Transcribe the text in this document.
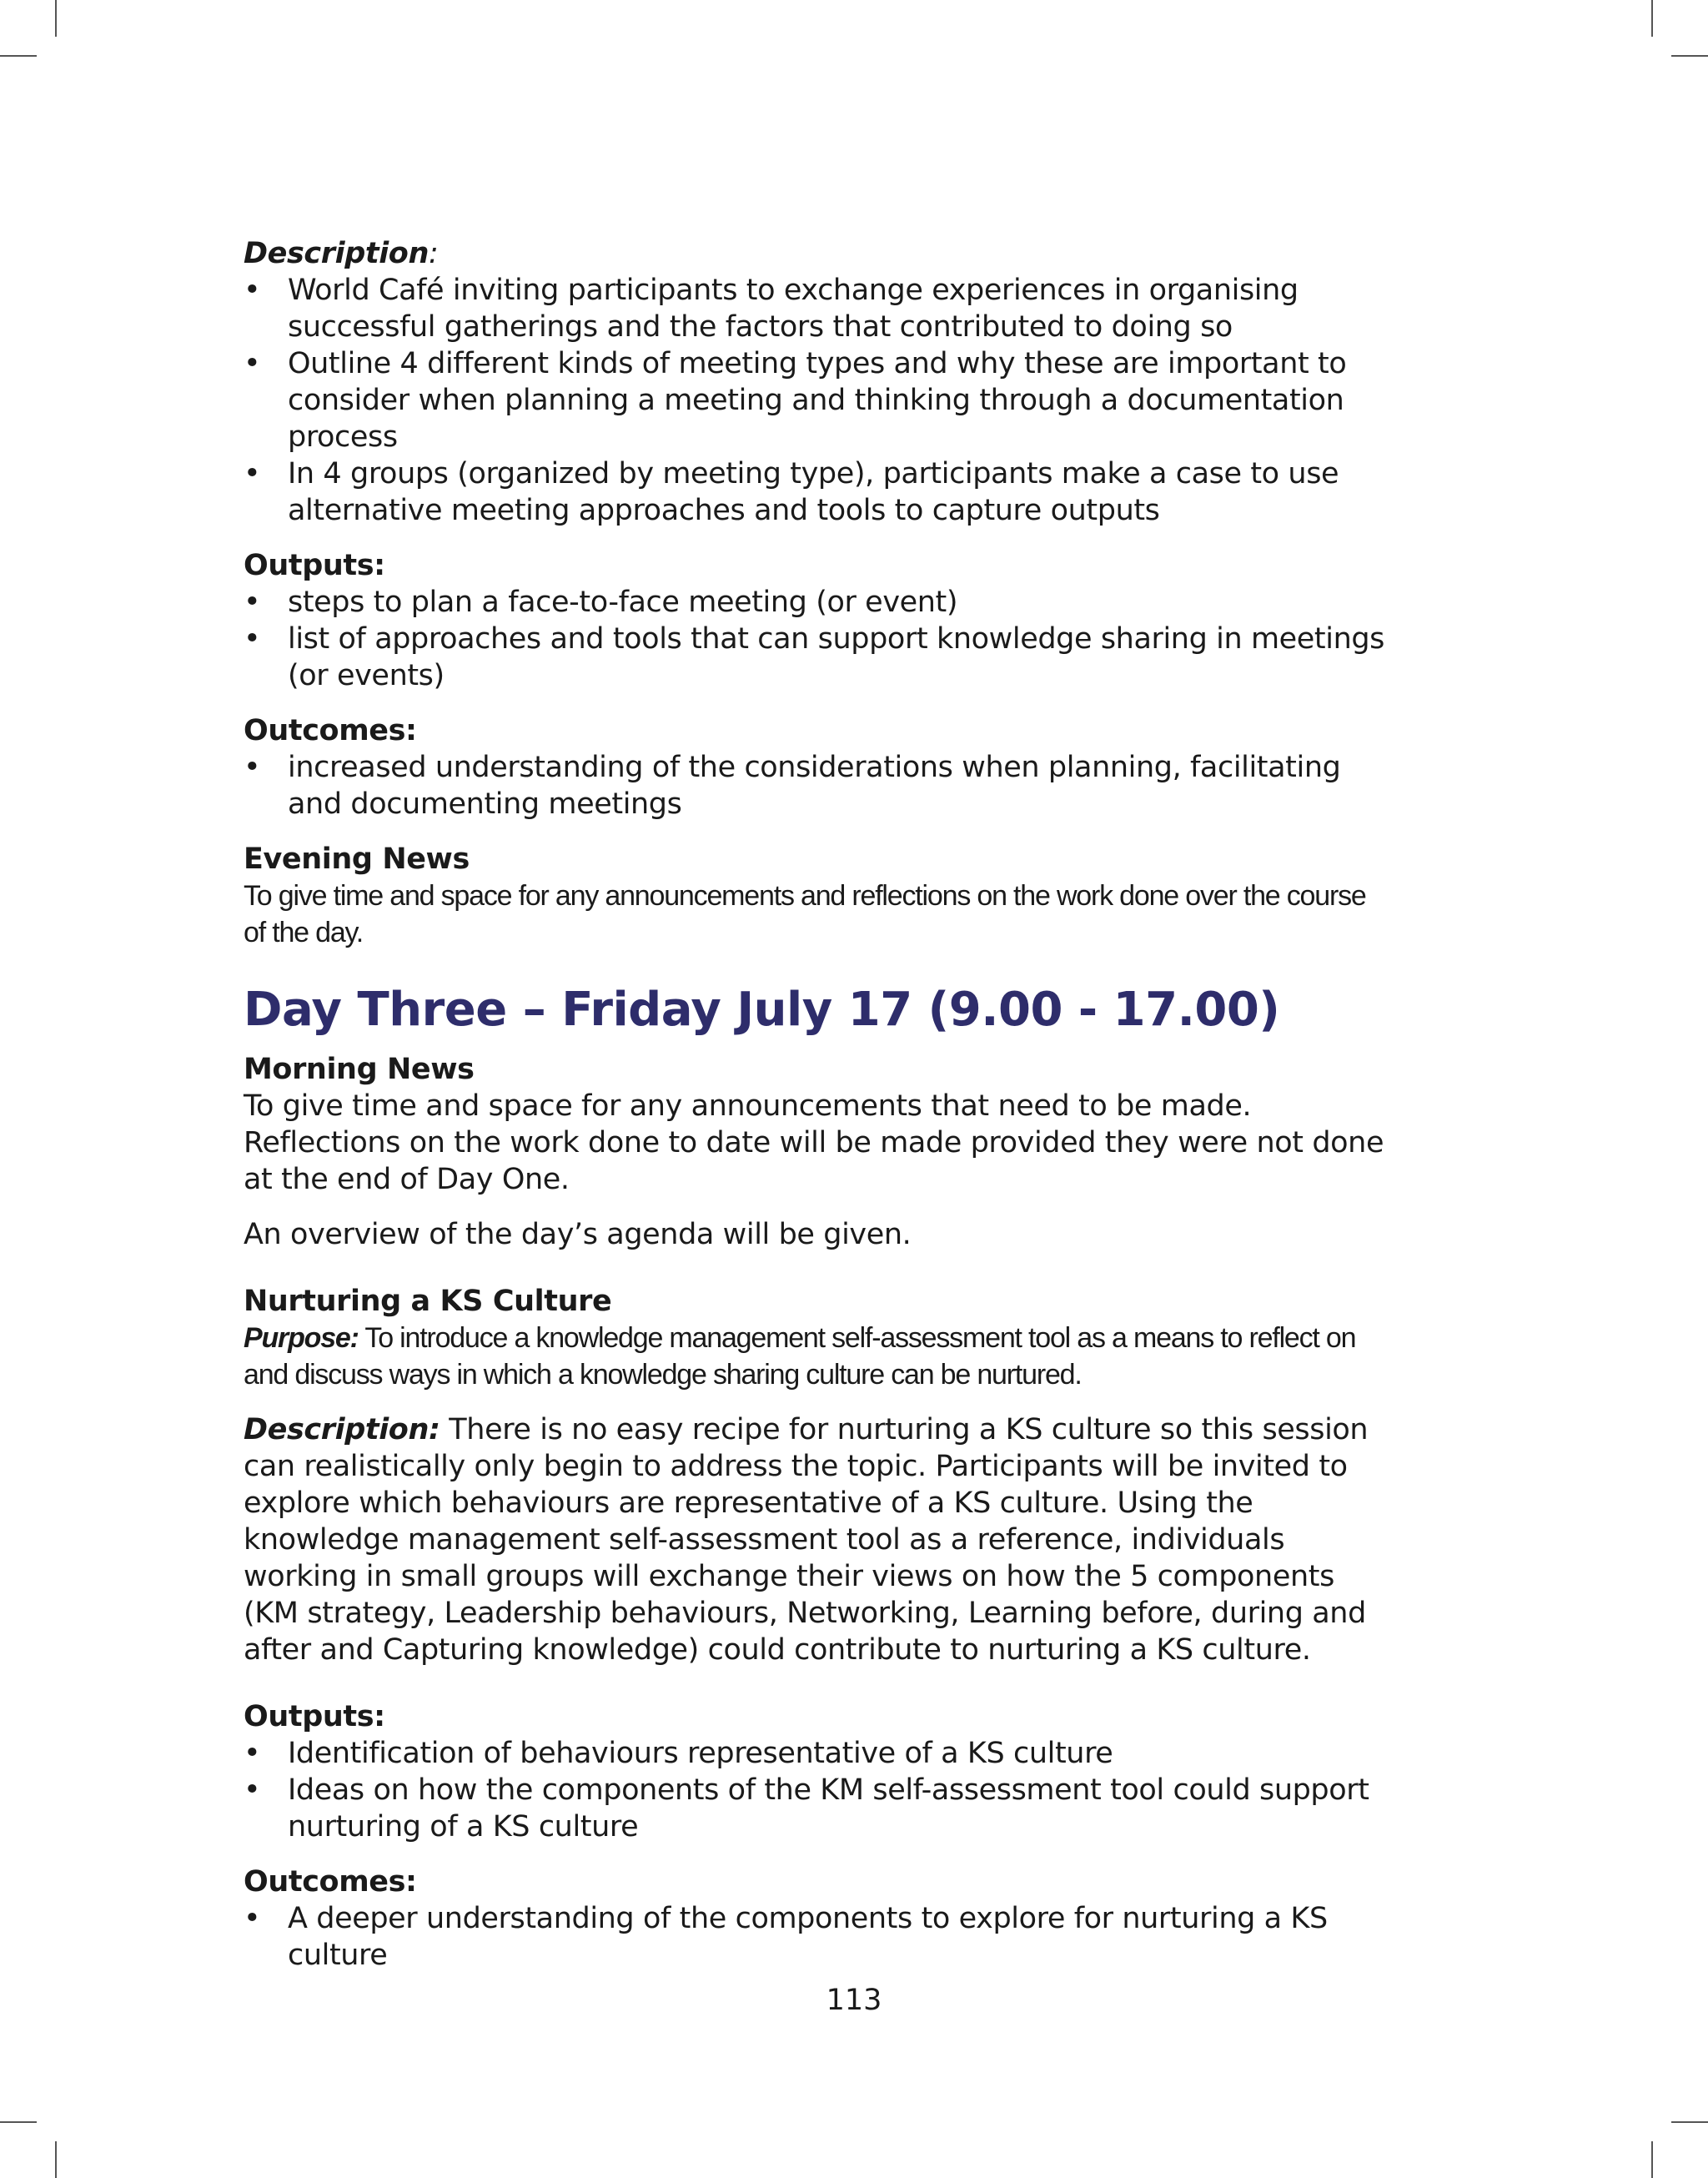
Description:

• World Café inviting participants to exchange experiences in organising successful gatherings and the factors that contributed to doing so
• Outline 4 different kinds of meeting types and why these are important to consider when planning a meeting and thinking through a documentation process
• In 4 groups (organized by meeting type), participants make a case to use alternative meeting approaches and tools to capture outputs

Outputs:

• steps to plan a face-to-face meeting (or event)
• list of approaches and tools that can support knowledge sharing in meetings (or events)

Outcomes:

• increased understanding of the considerations when planning, facilitating and documenting meetings

Evening News

To give time and space for any announcements and reflections on the work done over the course of the day.

Day Three – Friday July 17 (9.00 - 17.00)

Morning News

To give time and space for any announcements that need to be made. Reflections on the work done to date will be made provided they were not done at the end of Day One.

An overview of the day’s agenda will be given.

Nurturing a KS Culture

Purpose: To introduce a knowledge management self-assessment tool as a means to reflect on and discuss ways in which a knowledge sharing culture can be nurtured.

Description: There is no easy recipe for nurturing a KS culture so this session can realistically only begin to address the topic. Participants will be invited to explore which behaviours are representative of a KS culture. Using the knowledge management self-assessment tool as a reference, individuals working in small groups will exchange their views on how the 5 components (KM strategy, Leadership behaviours, Networking, Learning before, during and after and Capturing knowledge) could contribute to nurturing a KS culture.

Outputs:

• Identification of behaviours representative of a KS culture
• Ideas on how the components of the KM self-assessment tool could support nurturing of a KS culture

Outcomes:

• A deeper understanding of the components to explore for nurturing a KS culture
113
